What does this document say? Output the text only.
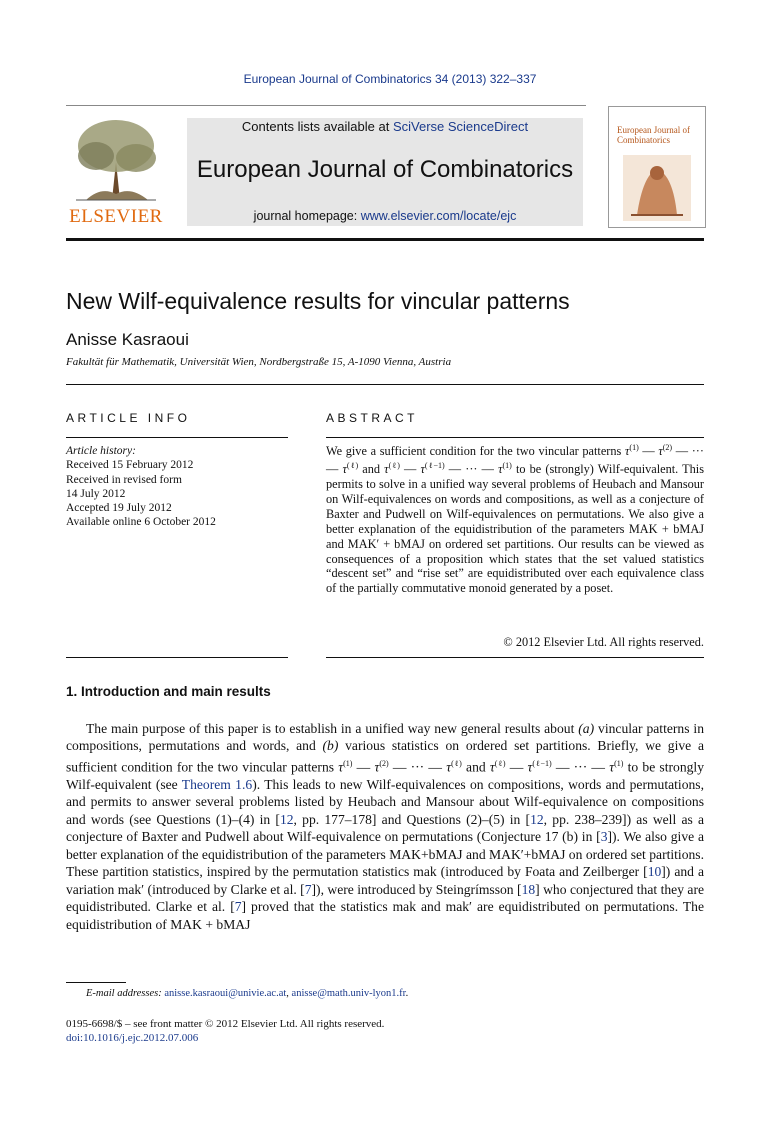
European Journal of Combinatorics 34 (2013) 322–337
ELSEVIER
Contents lists available at SciVerse ScienceDirect
European Journal of Combinatorics
journal homepage: www.elsevier.com/locate/ejc
European Journal of Combinatorics
New Wilf-equivalence results for vincular patterns
Anisse Kasraoui
Fakultät für Mathematik, Universität Wien, Nordbergstraße 15, A-1090 Vienna, Austria
ARTICLE INFO	ABSTRACT
Article history:
Received 15 February 2012
Received in revised form
14 July 2012
Accepted 19 July 2012
Available online 6 October 2012
We give a sufficient condition for the two vincular patterns $\tau^{(1)}$ — $\tau^{(2)}$ — ··· — $\tau^{(\ell)}$ and $\tau^{(\ell)}$ — $\tau^{(\ell-1)}$ — ··· — $\tau^{(1)}$ to be (strongly) Wilf-equivalent. This permits to solve in a unified way several problems of Heubach and Mansour on Wilf-equivalences on words and compositions, as well as a conjecture of Baxter and Pudwell on Wilf-equivalences on permutations. We also give a better explanation of the equidistribution of the parameters MAK + bMAJ and MAK′ + bMAJ on ordered set partitions. Our results can be viewed as consequences of a proposition which states that the set valued statistics “descent set” and “rise set” are equidistributed over each equivalence class of the partially commutative monoid generated by a poset.
© 2012 Elsevier Ltd. All rights reserved.
1. Introduction and main results

The main purpose of this paper is to establish in a unified way new general results about (a) vincular patterns in compositions, permutations and words, and (b) various statistics on ordered set partitions. Briefly, we give a sufficient condition for the two vincular patterns $\tau^{(1)}$ — $\tau^{(2)}$ — ··· — $\tau^{(\ell)}$ and $\tau^{(\ell)}$ — $\tau^{(\ell-1)}$ — ··· — $\tau^{(1)}$ to be strongly Wilf-equivalent (see Theorem 1.6). This leads to new Wilf-equivalences on compositions, words and permutations, and permits to answer several problems listed by Heubach and Mansour about Wilf-equivalence on compositions and words (see Questions (1)–(4) in [12, pp. 177–178] and Questions (2)–(5) in [12, pp. 238–239]) as well as a conjecture of Baxter and Pudwell about Wilf-equivalence on permutations (Conjecture 17 (b) in [3]). We also give a better explanation of the equidistribution of the parameters MAK+bMAJ and MAK′+bMAJ on ordered set partitions. These partition statistics, inspired by the permutation statistics mak (introduced by Foata and Zeilberger [10]) and a variation mak′ (introduced by Clarke et al. [7]), were introduced by Steingrímsson [18] who conjectured that they are equidistributed. Clarke et al. [7] proved that the statistics mak and mak′ are equidistributed on permutations. The equidistribution of MAK + bMAJ

E-mail addresses: anisse.kasraoui@univie.ac.at, anisse@math.univ-lyon1.fr.
0195-6698/$ – see front matter © 2012 Elsevier Ltd. All rights reserved.
doi:10.1016/j.ejc.2012.07.006
